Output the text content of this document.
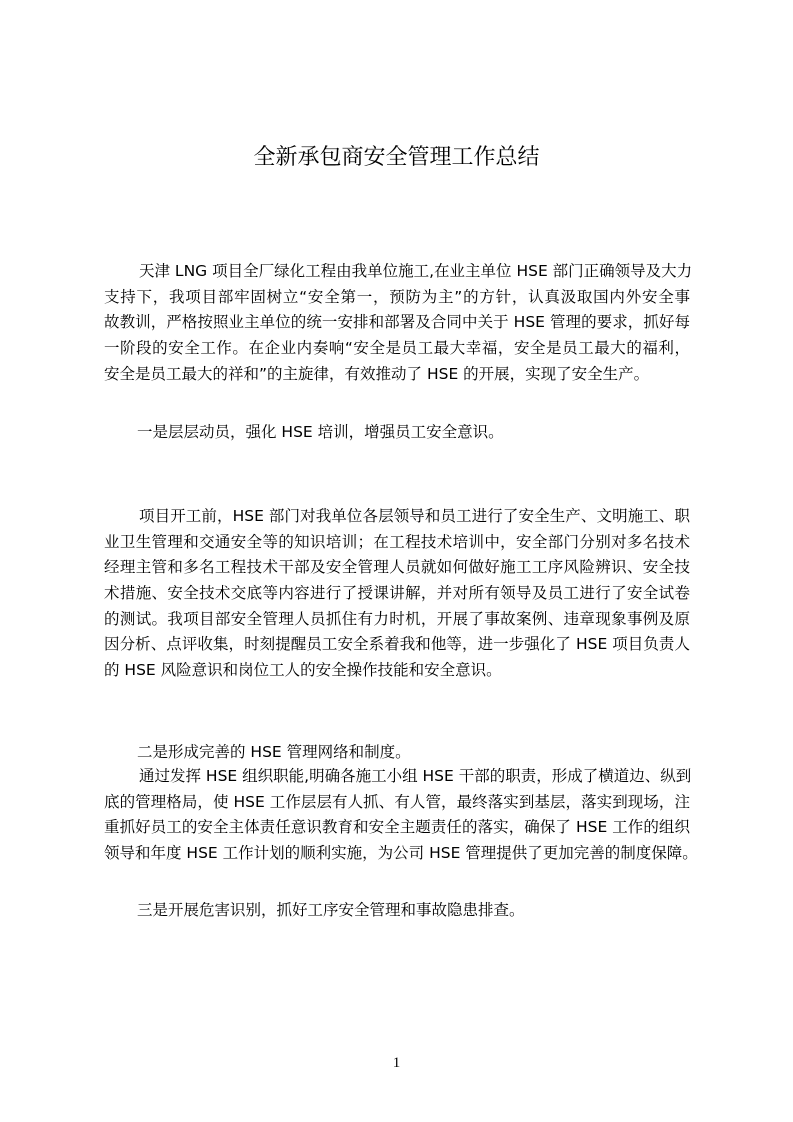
全新承包商安全管理工作总结
天津 LNG 项目全厂绿化工程由我单位施工,在业主单位 HSE 部门正确领导及大力
支持下，我项目部牢固树立“安全第一，预防为主”的方针，认真汲取国内外安全事
故教训，严格按照业主单位的统一安排和部署及合同中关于 HSE 管理的要求，抓好每
一阶段的安全工作。在企业内奏响“安全是员工最大幸福，安全是员工最大的福利，
安全是员工最大的祥和”的主旋律，有效推动了 HSE 的开展，实现了安全生产。
一是层层动员，强化 HSE 培训，增强员工安全意识。
项目开工前，HSE 部门对我单位各层领导和员工进行了安全生产、文明施工、职
业卫生管理和交通安全等的知识培训；在工程技术培训中，安全部门分别对多名技术
经理主管和多名工程技术干部及安全管理人员就如何做好施工工序风险辨识、安全技
术措施、安全技术交底等内容进行了授课讲解，并对所有领导及员工进行了安全试卷
的测试。我项目部安全管理人员抓住有力时机，开展了事故案例、违章现象事例及原
因分析、点评收集，时刻提醒员工安全系着我和他等，进一步强化了 HSE 项目负责人
的 HSE 风险意识和岗位工人的安全操作技能和安全意识。
二是形成完善的 HSE 管理网络和制度。
通过发挥 HSE 组织职能,明确各施工小组 HSE 干部的职责，形成了横道边、纵到
底的管理格局，使 HSE 工作层层有人抓、有人管，最终落实到基层，落实到现场，注
重抓好员工的安全主体责任意识教育和安全主题责任的落实，确保了 HSE 工作的组织
领导和年度 HSE 工作计划的顺利实施，为公司 HSE 管理提供了更加完善的制度保障。
三是开展危害识别，抓好工序安全管理和事故隐患排查。
1
